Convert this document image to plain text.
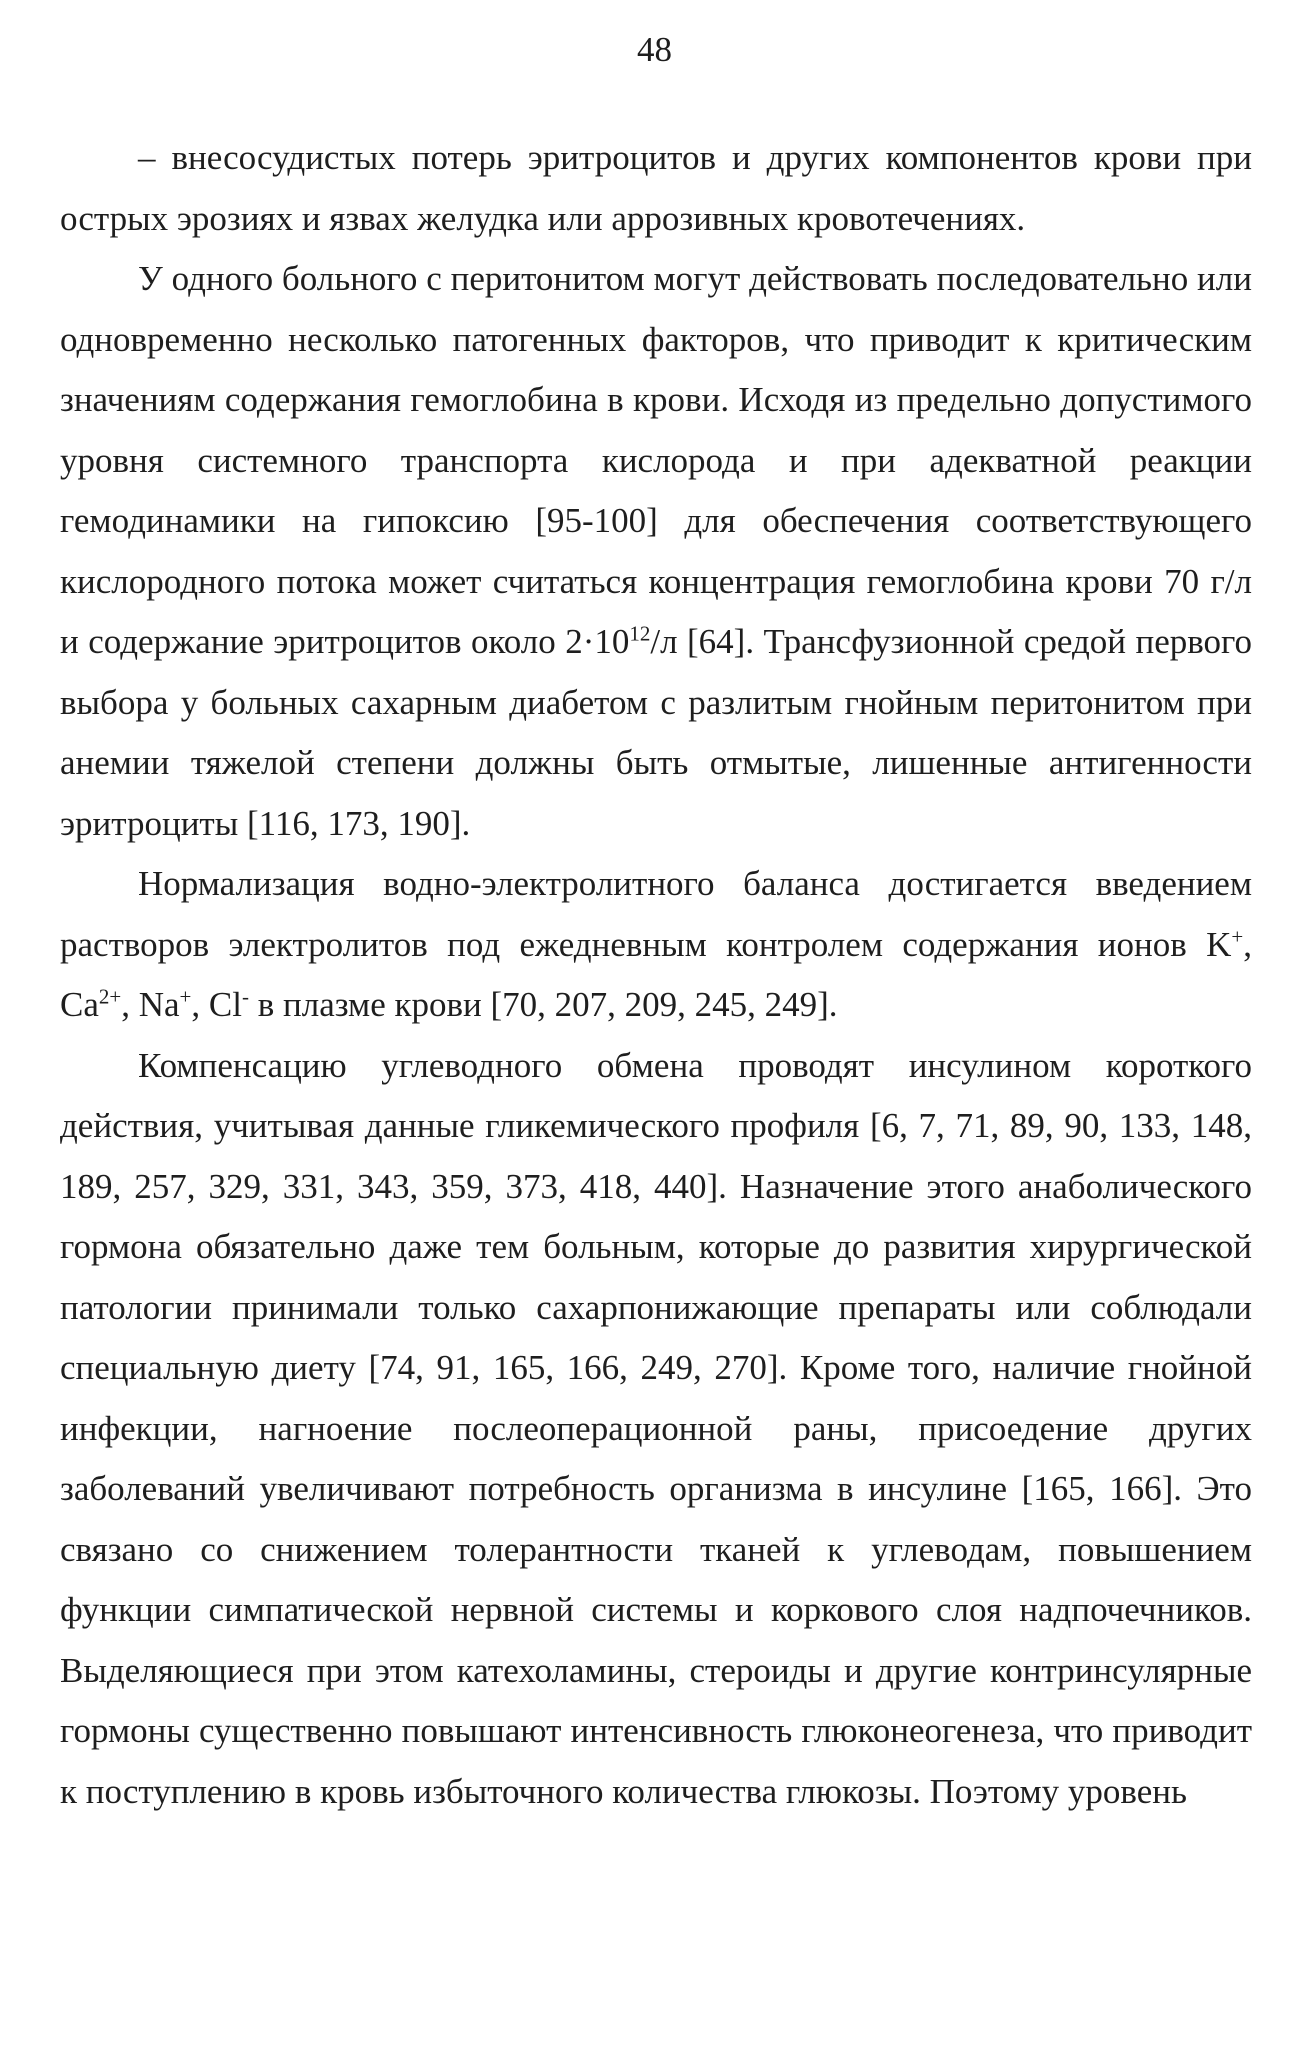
48

– внесосудистых потерь эритроцитов и других компонентов крови при острых эрозиях и язвах желудка или аррозивных кровотечениях.

У одного больного с перитонитом могут действовать последовательно или одновременно несколько патогенных факторов, что приводит к критическим значениям содержания гемоглобина в крови. Исходя из предельно допустимого уровня системного транспорта кислорода и при адекватной реакции гемодинамики на гипоксию [95-100] для обеспечения соответствующего кислородного потока может считаться концентрация гемоглобина крови 70 г/л и содержание эритроцитов около $2\cdot 10^{12}/л$ [64]. Трансфузионной средой первого выбора у больных сахарным диабетом с разлитым гнойным перитонитом при анемии тяжелой степени должны быть отмытые, лишенные антигенности эритроциты [116, 173, 190].

Нормализация водно-электролитного баланса достигается введением растворов электролитов под ежедневным контролем содержания ионов K+, $Ca^{2+}$, Na+, Cl- в плазме крови [70, 207, 209, 245, 249].

Компенсацию углеводного обмена проводят инсулином короткого действия, учитывая данные гликемического профиля [6, 7, 71, 89, 90, 133, 148, 189, 257, 329, 331, 343, 359, 373, 418, 440]. Назначение этого анаболического гормона обязательно даже тем больным, которые до развития хирургической патологии принимали только сахарпонижающие препараты или соблюдали специальную диету [74, 91, 165, 166, 249, 270]. Кроме того, наличие гнойной инфекции, нагноение послеоперационной раны, присоедение других заболеваний увеличивают потребность организма в инсулине [165, 166]. Это связано со снижением толерантности тканей к углеводам, повышением функции симпатической нервной системы и коркового слоя надпочечников. Выделяющиеся при этом катехоламины, стероиды и другие контринсулярные гормоны существенно повышают интенсивность глюконеогенеза, что приводит к поступлению в кровь избыточного количества глюкозы. Поэтому уровень
